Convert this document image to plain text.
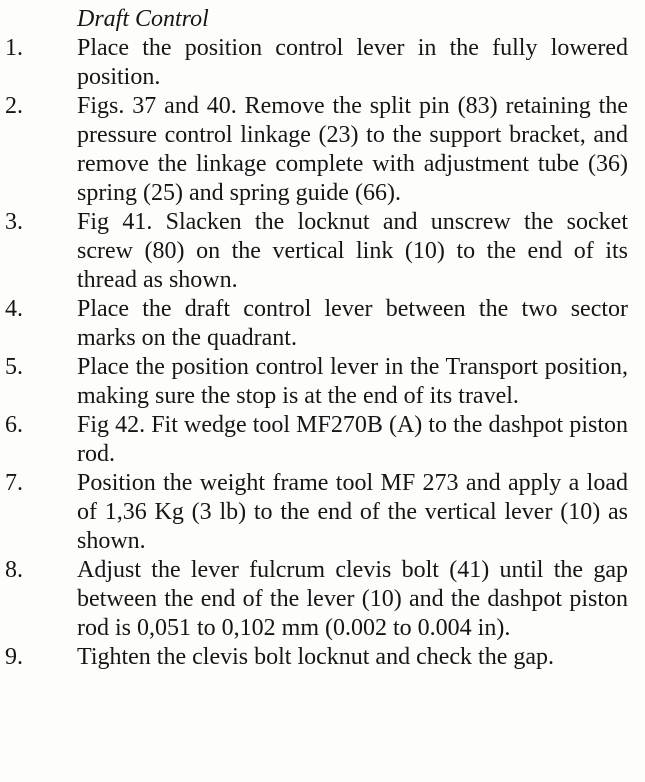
Draft Control
1.	Place the position control lever in the fully lowered position.
2.	Figs. 37 and 40. Remove the split pin (83) retaining the pressure control linkage (23) to the support bracket, and remove the linkage complete with adjustment tube (36) spring (25) and spring guide (66).
3.	Fig 41. Slacken the locknut and unscrew the socket screw (80) on the vertical link (10) to the end of its thread as shown.
4.	Place the draft control lever between the two sector marks on the quadrant.
5.	Place the position control lever in the Transport position, making sure the stop is at the end of its travel.
6.	Fig 42. Fit wedge tool MF270B (A) to the dashpot piston rod.
7.	Position the weight frame tool MF 273 and apply a load of 1,36 Kg (3 lb) to the end of the vertical lever (10) as shown.
8.	Adjust the lever fulcrum clevis bolt (41) until the gap between the end of the lever (10) and the dashpot piston rod is 0,051 to 0,102 mm (0.002 to 0.004 in).
9.	Tighten the clevis bolt locknut and check the gap.
